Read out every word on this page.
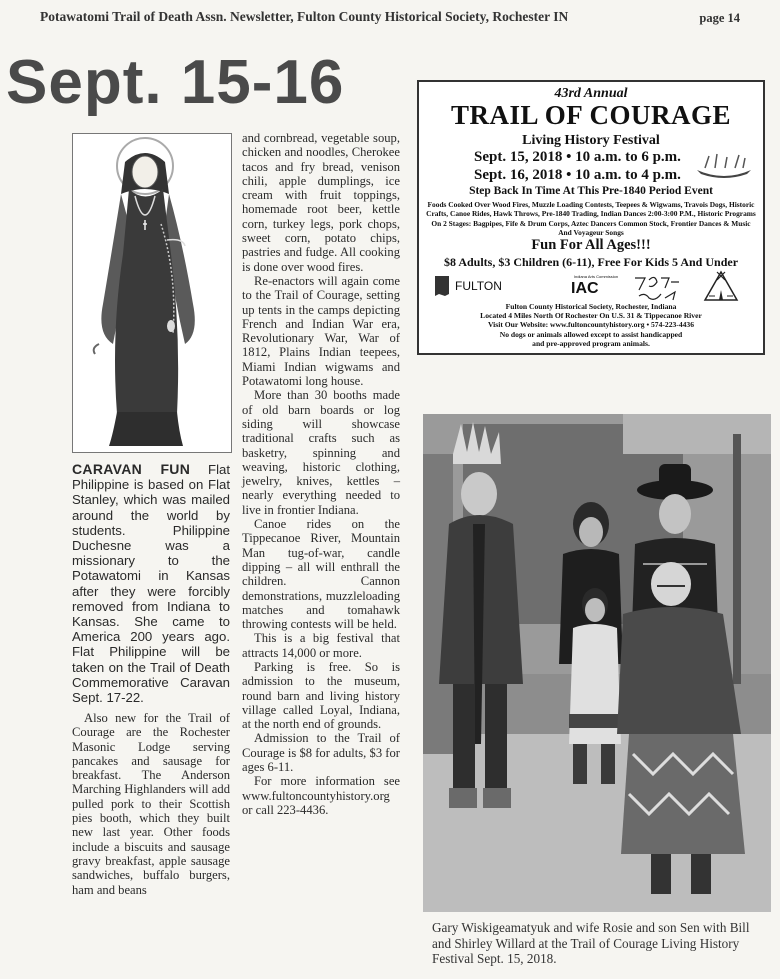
Potawatomi Trail of Death Assn. Newsletter, Fulton County Historical Society, Rochester IN	page 14
Sept. 15-16
CARAVAN FUN Flat Philippine is based on Flat Stanley, which was mailed around the world by students. Philippine Duchesne was a missionary to the Potawatomi in Kansas after they were forcibly removed from Indiana to Kansas. She came to America 200 years ago. Flat Philippine will be taken on the Trail of Death Commemorative Caravan Sept. 17-22.

Also new for the Trail of Courage are the Rochester Masonic Lodge serving pancakes and sausage for breakfast. The Anderson Marching Highlanders will add pulled pork to their Scottish pies booth, which they built new last year. Other foods include a biscuits and sausage gravy breakfast, apple sausage sandwiches, buffalo burgers, ham and beans

and cornbread, vegetable soup, chicken and noodles, Cherokee tacos and fry bread, venison chili, apple dumplings, ice cream with fruit toppings, homemade root beer, kettle corn, turkey legs, pork chops, sweet corn, potato chips, pastries and fudge. All cooking is done over wood fires.

Re-enactors will again come to the Trail of Courage, setting up tents in the camps depicting French and Indian War era, Revolutionary War, War of 1812, Plains Indian teepees, Miami Indian wigwams and Potawatomi long house.

More than 30 booths made of old barn boards or log siding will showcase traditional crafts such as basketry, spinning and weaving, historic clothing, jewelry, knives, kettles – nearly everything needed to live in frontier Indiana.

Canoe rides on the Tippecanoe River, Mountain Man tug-of-war, candle dipping – all will enthrall the children. Cannon demonstrations, muzzleloading matches and tomahawk throwing contests will be held.

This is a big festival that attracts 14,000 or more.

Parking is free. So is admission to the museum, round barn and living history village called Loyal, Indiana, at the north end of grounds.

Admission to the Trail of Courage is $8 for adults, $3 for ages 6-11.

For more information see www.fultoncountyhistory.org or call 223-4436.

43rd Annual
TRAIL OF COURAGE
Living History Festival
Sept. 15, 2018 • 10 a.m. to 6 p.m.
Sept. 16, 2018 • 10 a.m. to 4 p.m.
Step Back In Time At This Pre-1840 Period Event
Foods Cooked Over Wood Fires, Muzzle Loading Contests, Teepees & Wigwams, Travois Dogs, Historic Crafts, Canoe Rides, Hawk Throws, Pre-1840 Trading, Indian Dances 2:00-3:00 P.M., Historic Programs On 2 Stages: Bagpipes, Fife & Drum Corps, Aztec Dancers Common Stock, Frontier Dances & Music And Voyageur Songs
Fun For All Ages!!!
$8 Adults, $3 Children (6-11), Free For Kids 5 And Under
FULTON
Indiana Arts Commission
IAC
Fulton County Historical Society, Rochester, Indiana
Located 4 Miles North Of Rochester On U.S. 31 & Tippecanoe River
Visit Our Website: www.fultoncountyhistory.org • 574-223-4436
No dogs or animals allowed except to assist handicapped
and pre-approved program animals.
Gary Wiskigeamatyuk and wife Rosie and son Sen with Bill and Shirley Willard at the Trail of Courage Living History Festival Sept. 15, 2018.
